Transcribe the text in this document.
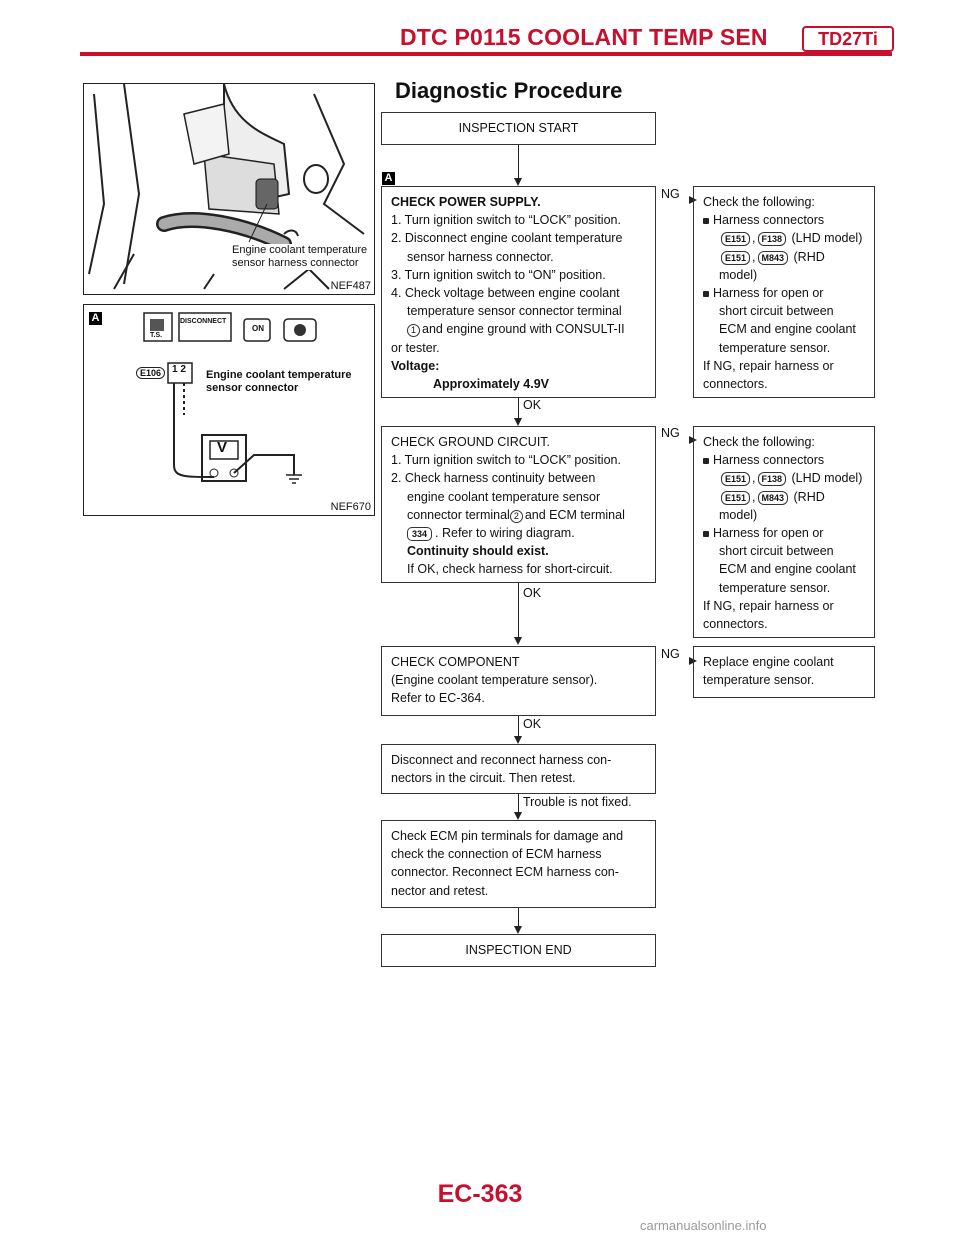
DTC P0115 COOLANT TEMP SEN	TD27Ti
Engine coolant temperature
sensor harness connector
NEF487
A	DISCONNECT
T.S.
ON
E106	1 2 Engine coolant temperature
sensor connector
V
NEF670
Diagnostic Procedure
INSPECTION START
A
CHECK POWER SUPPLY.
1. Turn ignition switch to “LOCK” position.
2. Disconnect engine coolant temperature
sensor harness connector.
3. Turn ignition switch to “ON” position.
4. Check voltage between engine coolant
temperature sensor connector terminal
1 and engine ground with CONSULT-II
or tester.
Voltage:
Approximately 4.9V
OK
NG
Check the following:
Harness connectors
E151 , F138 (LHD model)
E151 , M843 (RHD
model)
Harness for open or
short circuit between
ECM and engine coolant
temperature sensor.
If NG, repair harness or
connectors.
CHECK GROUND CIRCUIT.
1. Turn ignition switch to “LOCK” position.
2. Check harness continuity between
engine coolant temperature sensor
connector terminal 2 and ECM terminal
334 . Refer to wiring diagram.
Continuity should exist.
If OK, check harness for short-circuit.
OK
NG
Check the following:
Harness connectors
E151 , F138 (LHD model)
E151 , M843 (RHD
model)
Harness for open or
short circuit between
ECM and engine coolant
temperature sensor.
If NG, repair harness or
connectors.
CHECK COMPONENT
(Engine coolant temperature sensor).
Refer to EC-364.
OK
NG
Replace engine coolant
temperature sensor.
Disconnect and reconnect harness con-
nectors in the circuit. Then retest.
Trouble is not fixed.
Check ECM pin terminals for damage and
check the connection of ECM harness
connector. Reconnect ECM harness con-
nector and retest.
INSPECTION END
EC-363
carmanualsonline.info
